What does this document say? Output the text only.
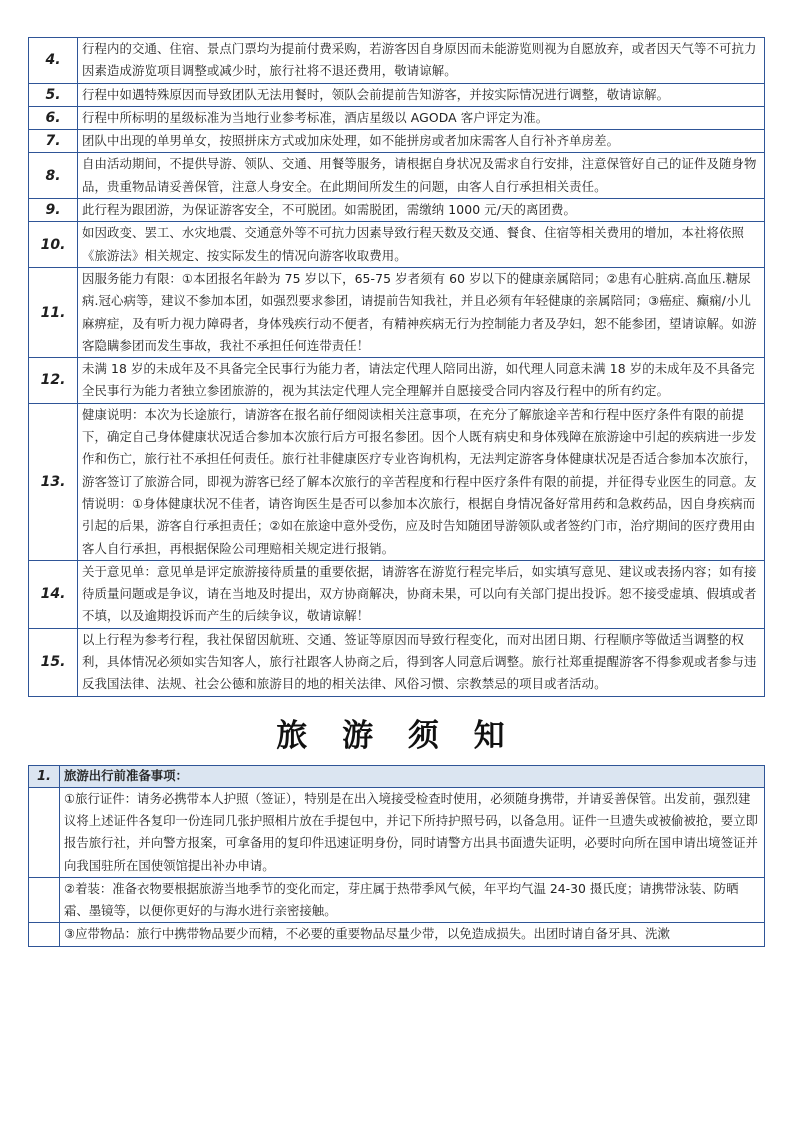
4.	行程内的交通、住宿、景点门票均为提前付费采购，若游客因自身原因而未能游览则视为自愿放弃，或者因天气等不可抗力因素造成游览项目调整或减少时，旅行社将不退还费用，敬请谅解。
5.	行程中如遇特殊原因而导致团队无法用餐时，领队会前提前告知游客，并按实际情况进行调整，敬请谅解。
6.	行程中所标明的星级标准为当地行业参考标准，酒店星级以 AGODA 客户评定为准。
7.	团队中出现的单男单女，按照拼床方式或加床处理，如不能拼房或者加床需客人自行补齐单房差。
8.	自由活动期间，不提供导游、领队、交通、用餐等服务，请根据自身状况及需求自行安排，注意保管好自己的证件及随身物品，贵重物品请妥善保管，注意人身安全。在此期间所发生的问题，由客人自行承担相关责任。
9.	此行程为跟团游，为保证游客安全，不可脱团。如需脱团，需缴纳 1000 元/天的离团费。
10.	如因政变、罢工、水灾地震、交通意外等不可抗力因素导致行程天数及交通、餐食、住宿等相关费用的增加，本社将依照《旅游法》相关规定、按实际发生的情况向游客收取费用。
11.	因服务能力有限：①本团报名年龄为 75 岁以下，65-75 岁者须有 60 岁以下的健康亲属陪同；②患有心脏病.高血压.糖尿病.冠心病等，建议不参加本团，如强烈要求参团，请提前告知我社，并且必须有年轻健康的亲属陪同；③癌症、癫痫/小儿麻痹症，及有听力视力障碍者，身体残疾行动不便者，有精神疾病无行为控制能力者及孕妇，恕不能参团，望请谅解。如游客隐瞒参团而发生事故，我社不承担任何连带责任！
12.	未满 18 岁的未成年及不具备完全民事行为能力者，请法定代理人陪同出游，如代理人同意未满 18 岁的未成年及不具备完全民事行为能力者独立参团旅游的，视为其法定代理人完全理解并自愿接受合同内容及行程中的所有约定。
13.	健康说明：本次为长途旅行，请游客在报名前仔细阅读相关注意事项，在充分了解旅途辛苦和行程中医疗条件有限的前提下，确定自己身体健康状况适合参加本次旅行后方可报名参团。因个人既有病史和身体残障在旅游途中引起的疾病进一步发作和伤亡，旅行社不承担任何责任。旅行社非健康医疗专业咨询机构，无法判定游客身体健康状况是否适合参加本次旅行，游客签订了旅游合同，即视为游客已经了解本次旅行的辛苦程度和行程中医疗条件有限的前提，并征得专业医生的同意。友情说明：①身体健康状况不佳者，请咨询医生是否可以参加本次旅行，根据自身情况备好常用药和急救药品，因自身疾病而引起的后果，游客自行承担责任；②如在旅途中意外受伤，应及时告知随团导游领队或者签约门市，治疗期间的医疗费用由客人自行承担，再根据保险公司理赔相关规定进行报销。
14.	关于意见单：意见单是评定旅游接待质量的重要依据，请游客在游览行程完毕后，如实填写意见、建议或表扬内容；如有接待质量问题或是争议，请在当地及时提出，双方协商解决，协商未果，可以向有关部门提出投诉。恕不接受虚填、假填或者不填，以及逾期投诉而产生的后续争议，敬请谅解！
15.	以上行程为参考行程，我社保留因航班、交通、签证等原因而导致行程变化，而对出团日期、行程顺序等做适当调整的权利，具体情况必须如实告知客人，旅行社跟客人协商之后，得到客人同意后调整。旅行社郑重提醒游客不得参观或者参与违反我国法律、法规、社会公德和旅游目的地的相关法律、风俗习惯、宗教禁忌的项目或者活动。
旅 游 须 知
1.	旅游出行前准备事项：
	①旅行证件：请务必携带本人护照（签证），特别是在出入境接受检查时使用，必须随身携带，并请妥善保管。出发前，强烈建议将上述证件各复印一份连同几张护照相片放在手提包中，并记下所持护照号码，以备急用。证件一旦遗失或被偷被抢，要立即报告旅行社，并向警方报案，可拿备用的复印件迅速证明身份，同时请警方出具书面遗失证明，必要时向所在国申请出境签证并向我国驻所在国使领馆提出补办申请。
	②着装：准备衣物要根据旅游当地季节的变化而定，芽庄属于热带季风气候，年平均气温 24-30 摄氏度；请携带泳装、防晒霜、墨镜等，以便你更好的与海水进行亲密接触。
	③应带物品：旅行中携带物品要少而精，不必要的重要物品尽量少带，以免造成损失。出团时请自备牙具、洗漱
